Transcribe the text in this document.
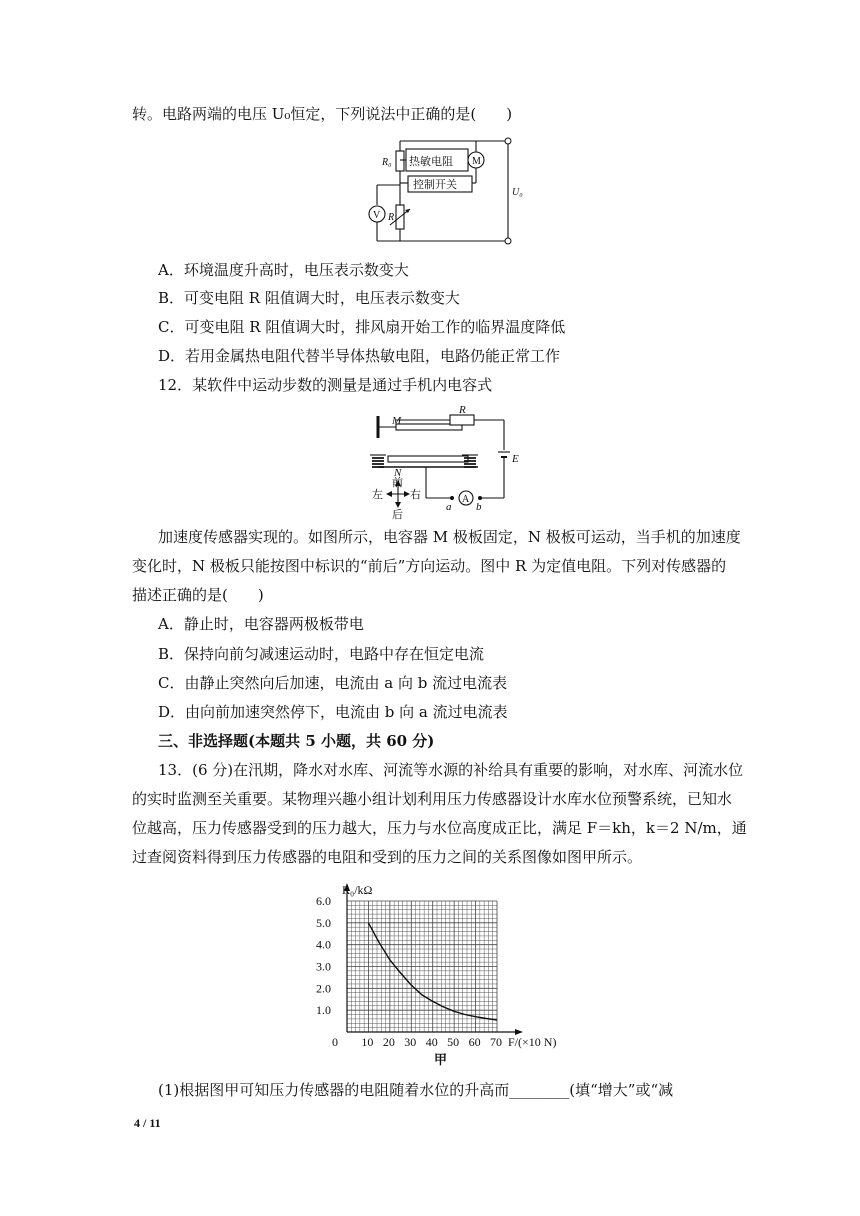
转。电路两端的电压 U₀恒定，下列说法中正确的是(　　)
R₀ 热敏电阻 M
控制开关
V R
U₀
A．环境温度升高时，电压表示数变大
B．可变电阻 R 阻值调大时，电压表示数变大
C．可变电阻 R 阻值调大时，排风扇开始工作的临界温度降低
D．若用金属热电阻代替半导体热敏电阻，电路仍能正常工作
12．某软件中运动步数的测量是通过手机内电容式
M
R
E
N
A
a b
前
后
左 右
加速度传感器实现的。如图所示，电容器 M 极板固定，N 极板可运动，当手机的加速度
变化时，N 极板只能按图中标识的“前后”方向运动。图中 R 为定值电阻。下列对传感器的
描述正确的是(　　)
A．静止时，电容器两极板带电
B．保持向前匀减速运动时，电路中存在恒定电流
C．由静止突然向后加速，电流由 a 向 b 流过电流表
D．由向前加速突然停下，电流由 b 向 a 流过电流表
三、非选择题(本题共 5 小题，共 60 分)
13．(6 分)在汛期，降水对水库、河流等水源的补给具有重要的影响，对水库、河流水位
的实时监测至关重要。某物理兴趣小组计划利用压力传感器设计水库水位预警系统，已知水
位越高，压力传感器受到的压力越大，压力与水位高度成正比，满足 F＝kh，k＝2 N/m，通
过查阅资料得到压力传感器的电阻和受到的压力之间的关系图像如图甲所示。
10 20 30 40 50 60 70
1.0
2.0
3.0
4.0
5.0
6.0
R₀/kΩ
F/(×10 N)
0
甲
(1)根据图甲可知压力传感器的电阻随着水位的升高而________(填“增大”或“减
4 / 11
